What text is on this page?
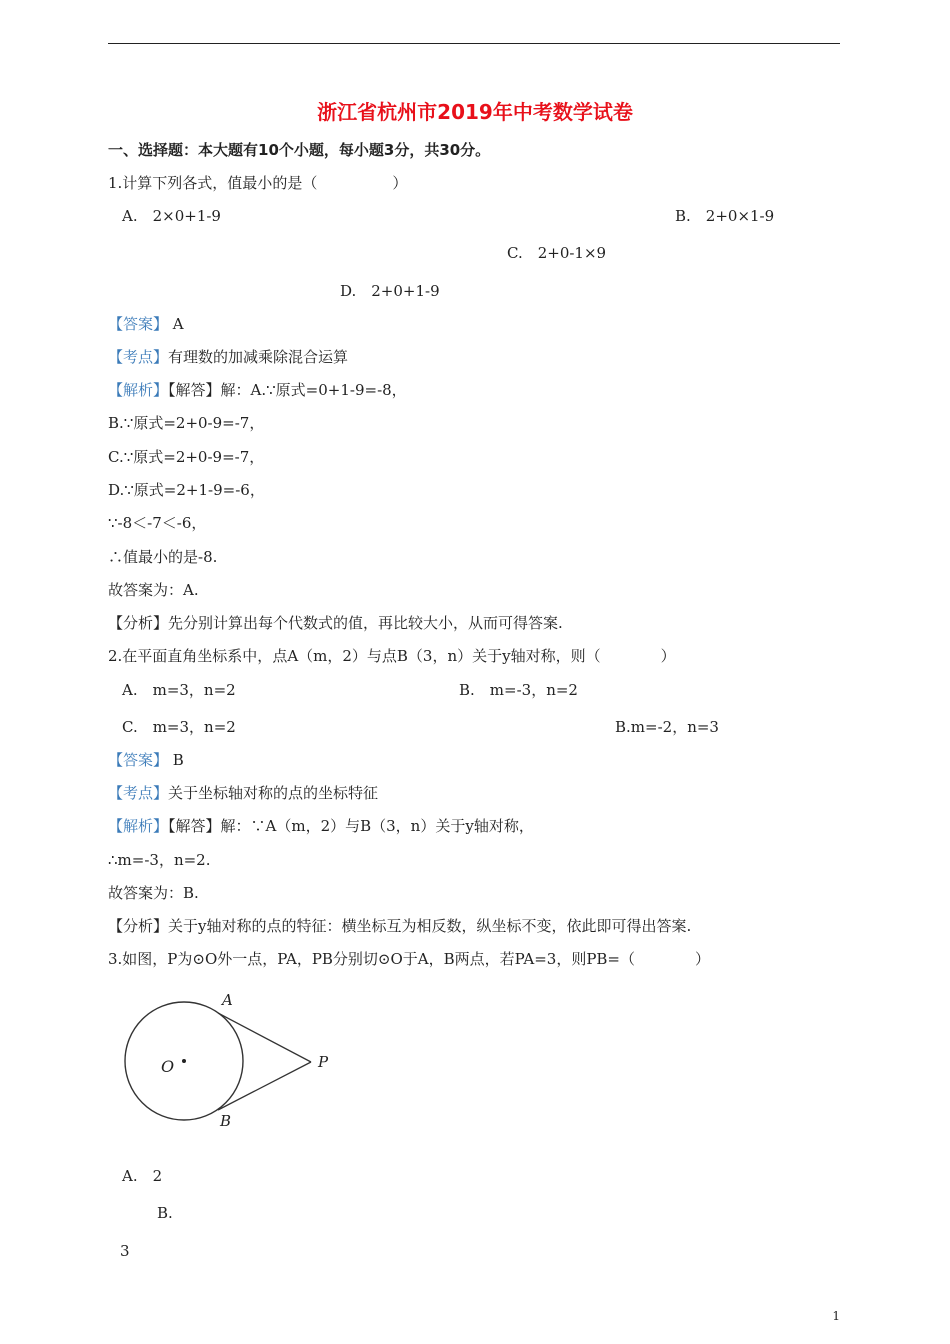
浙江省杭州市2019年中考数学试卷
一、选择题：本大题有10个小题，每小题3分，共30分。
1.计算下列各式，值最小的是（　　　　　）
A.　2×0+1-9	B.　2+0×1-9
C.　2+0-1×9
D.　2+0+1-9
【答案】 A
【考点】有理数的加减乘除混合运算
【解析】【解答】解：A.∵原式=0+1-9=-8，
B.∵原式=2+0-9=-7，
C.∵原式=2+0-9=-7，
D.∵原式=2+1-9=-6，
∵-8＜-7＜-6，
∴值最小的是-8.
故答案为：A.
【分析】先分别计算出每个代数式的值，再比较大小，从而可得答案.
2.在平面直角坐标系中，点A（m，2）与点B（3，n）关于y轴对称，则（　　　　）
A.　m=3，n=2	B.　m=-3，n=2
C.　m=3，n=2	B.m=-2，n=3
【答案】 B
【考点】关于坐标轴对称的点的坐标特征
【解析】【解答】解：∵A（m，2）与B（3，n）关于y轴对称，
∴m=-3，n=2.
故答案为：B.
【分析】关于y轴对称的点的特征：横坐标互为相反数，纵坐标不变，依此即可得出答案.
3.如图，P为⊙O外一点，PA，PB分别切⊙O于A，B两点，若PA=3，则PB=（　　　　）
A
B
O	P
A.　2
B.
3
1
